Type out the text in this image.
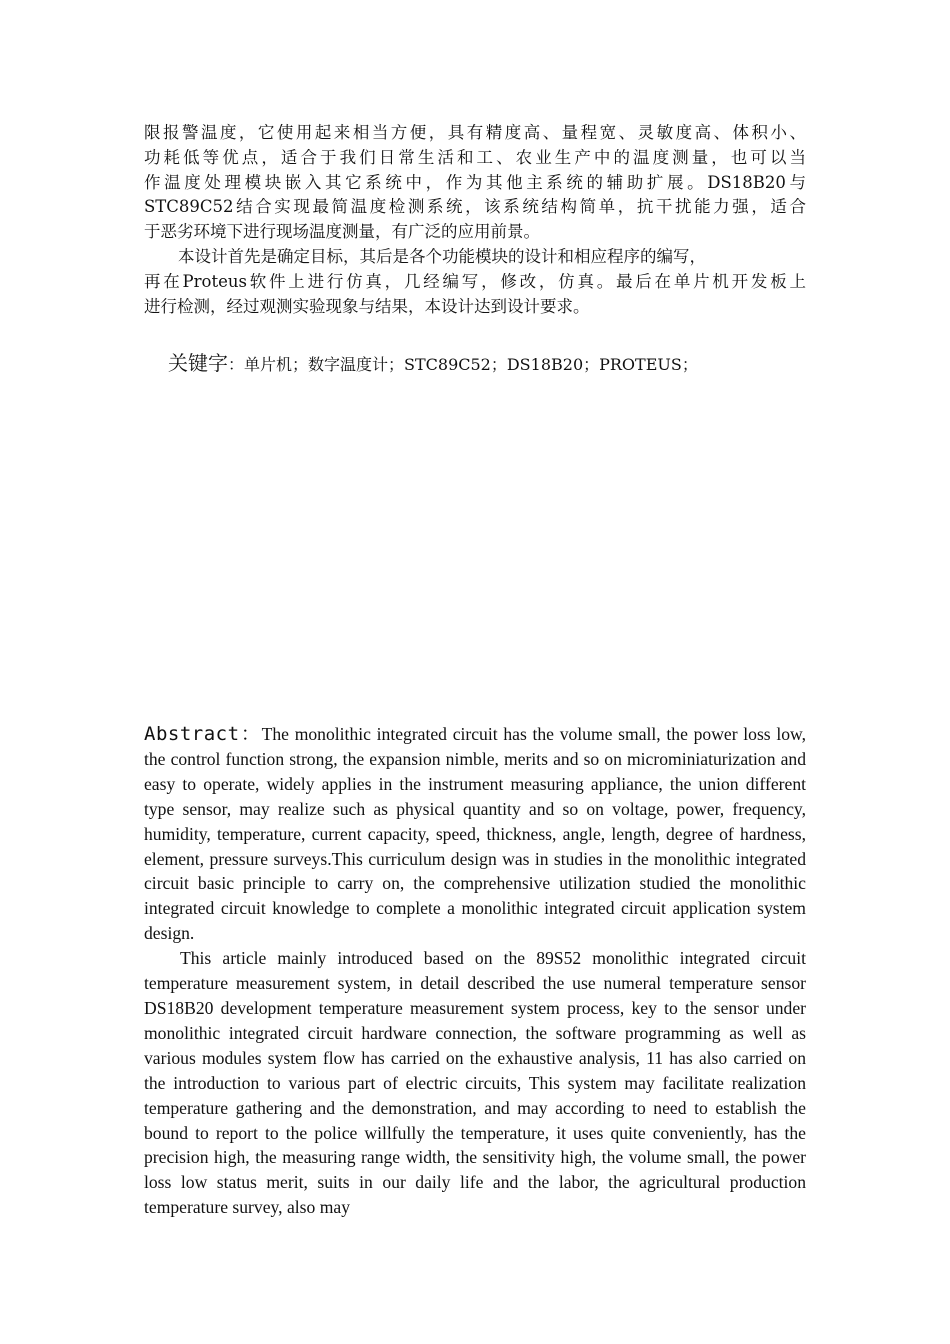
限报警温度，它使用起来相当方便，具有精度高、量程宽、灵敏度高、体积小、
功耗低等优点，适合于我们日常生活和工、农业生产中的温度测量，也可以当
作温度处理模块嵌入其它系统中，作为其他主系统的辅助扩展。DS18B20与
STC89C52结合实现最简温度检测系统，该系统结构简单，抗干扰能力强，适合
于恶劣环境下进行现场温度测量，有广泛的应用前景。
本设计首先是确定目标，其后是各个功能模块的设计和相应程序的编写，
再在Proteus软件上进行仿真，几经编写，修改，仿真。最后在单片机开发板上
进行检测，经过观测实验现象与结果，本设计达到设计要求。
关键字：单片机；数字温度计；STC89C52；DS18B20；PROTEUS；

Abstract：The monolithic integrated circuit has the volume small, the power loss low, the control function strong, the expansion nimble, merits and so on microminiaturization and easy to operate, widely applies in the instrument measuring appliance, the union different type sensor, may realize such as physical quantity and so on voltage, power, frequency, humidity, temperature, current capacity, speed, thickness, angle, length, degree of hardness, element, pressure surveys.This curriculum design was in studies in the monolithic integrated circuit basic principle to carry on, the comprehensive utilization studied the monolithic integrated circuit knowledge to complete a monolithic integrated circuit application system design.

This article mainly introduced based on the 89S52 monolithic integrated circuit temperature measurement system, in detail described the use numeral temperature sensor DS18B20 development temperature measurement system process, key to the sensor under monolithic integrated circuit hardware connection, the software programming as well as various modules system flow has carried on the exhaustive analysis, 11 has also carried on the introduction to various part of electric circuits, This system may facilitate realization temperature gathering and the demonstration, and may according to need to establish the bound to report to the police willfully the temperature, it uses quite conveniently, has the precision high, the measuring range width, the sensitivity high, the volume small, the power loss low status merit, suits in our daily life and the labor, the agricultural production temperature survey, also may
